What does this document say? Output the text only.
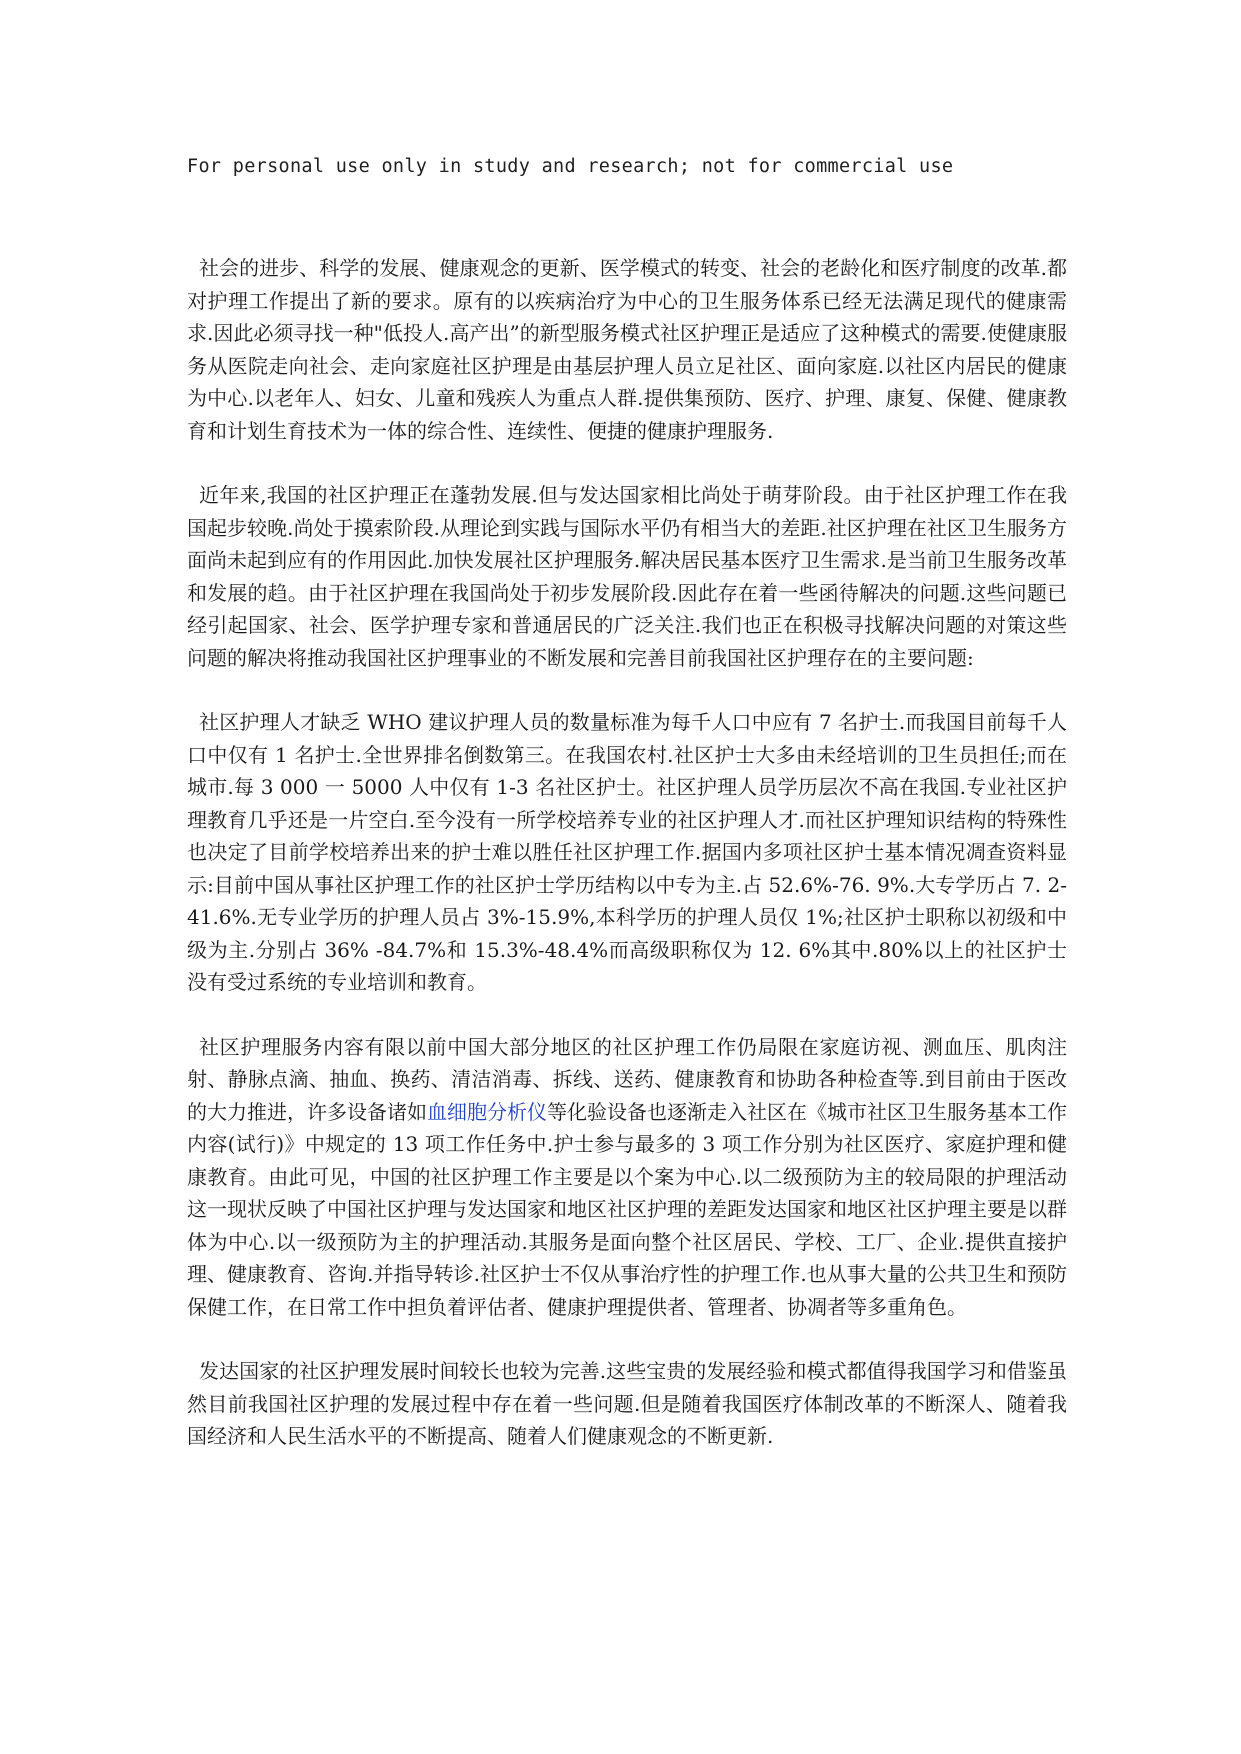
For personal use only in study and research; not for commercial use

社会的进步、科学的发展、健康观念的更新、医学模式的转变、社会的老龄化和医疗制度的改革.都对护理工作提出了新的要求。原有的以疾病治疗为中心的卫生服务体系已经无法满足现代的健康需求.因此必须寻找一种"低投人.高产出”的新型服务模式社区护理正是适应了这种模式的需要.使健康服务从医院走向社会、走向家庭社区护理是由基层护理人员立足社区、面向家庭.以社区内居民的健康为中心.以老年人、妇女、儿童和残疾人为重点人群.提供集预防、医疗、护理、康复、保健、健康教育和计划生育技术为一体的综合性、连续性、便捷的健康护理服务.

近年来,我国的社区护理正在蓬勃发展.但与发达国家相比尚处于萌芽阶段。由于社区护理工作在我国起步较晚.尚处于摸索阶段.从理论到实践与国际水平仍有相当大的差距.社区护理在社区卫生服务方面尚未起到应有的作用因此.加快发展社区护理服务.解决居民基本医疗卫生需求.是当前卫生服务改革和发展的趋。由于社区护理在我国尚处于初步发展阶段.因此存在着一些函待解决的问题.这些问题已经引起国家、社会、医学护理专家和普通居民的广泛关注.我们也正在积极寻找解决问题的对策这些问题的解决将推动我国社区护理事业的不断发展和完善目前我国社区护理存在的主要问题:

社区护理人才缺乏 WHO 建议护理人员的数量标准为每千人口中应有 7 名护士.而我国目前每千人口中仅有 1 名护士.全世界排名倒数第三。在我国农村.社区护士大多由未经培训的卫生员担任;而在城市.每 3 000 一 5000 人中仅有 1-3 名社区护士。社区护理人员学历层次不高在我国.专业社区护理教育几乎还是一片空白.至今没有一所学校培养专业的社区护理人才.而社区护理知识结构的特殊性也决定了目前学校培养出来的护士难以胜任社区护理工作.据国内多项社区护士基本情况凋查资料显示:目前中国从事社区护理工作的社区护士学历结构以中专为主.占 52.6%-76. 9%.大专学历占 7. 2-41.6%.无专业学历的护理人员占 3%-15.9%,本科学历的护理人员仅 1%;社区护士职称以初级和中级为主.分别占 36% -84.7%和 15.3%-48.4%而高级职称仅为 12. 6%其中.80%以上的社区护士没有受过系统的专业培训和教育。

社区护理服务内容有限以前中国大部分地区的社区护理工作仍局限在家庭访视、测血压、肌肉注射、静脉点滴、抽血、换药、清洁消毒、拆线、送药、健康教育和协助各种检查等.到目前由于医改的大力推进，许多设备诸如血细胞分析仪等化验设备也逐渐走入社区在《城市社区卫生服务基本工作内容(试行)》中规定的 13 项工作任务中.护士参与最多的 3 项工作分别为社区医疗、家庭护理和健康教育。由此可见，中国的社区护理工作主要是以个案为中心.以二级预防为主的较局限的护理活动这一现状反映了中国社区护理与发达国家和地区社区护理的差距发达国家和地区社区护理主要是以群体为中心.以一级预防为主的护理活动.其服务是面向整个社区居民、学校、工厂、企业.提供直接护理、健康教育、咨询.并指导转诊.社区护士不仅从事治疗性的护理工作.也从事大量的公共卫生和预防保健工作，在日常工作中担负着评估者、健康护理提供者、管理者、协凋者等多重角色。

发达国家的社区护理发展时间较长也较为完善.这些宝贵的发展经验和模式都值得我国学习和借鉴虽然目前我国社区护理的发展过程中存在着一些问题.但是随着我国医疗体制改革的不断深人、随着我国经济和人民生活水平的不断提高、随着人们健康观念的不断更新.
